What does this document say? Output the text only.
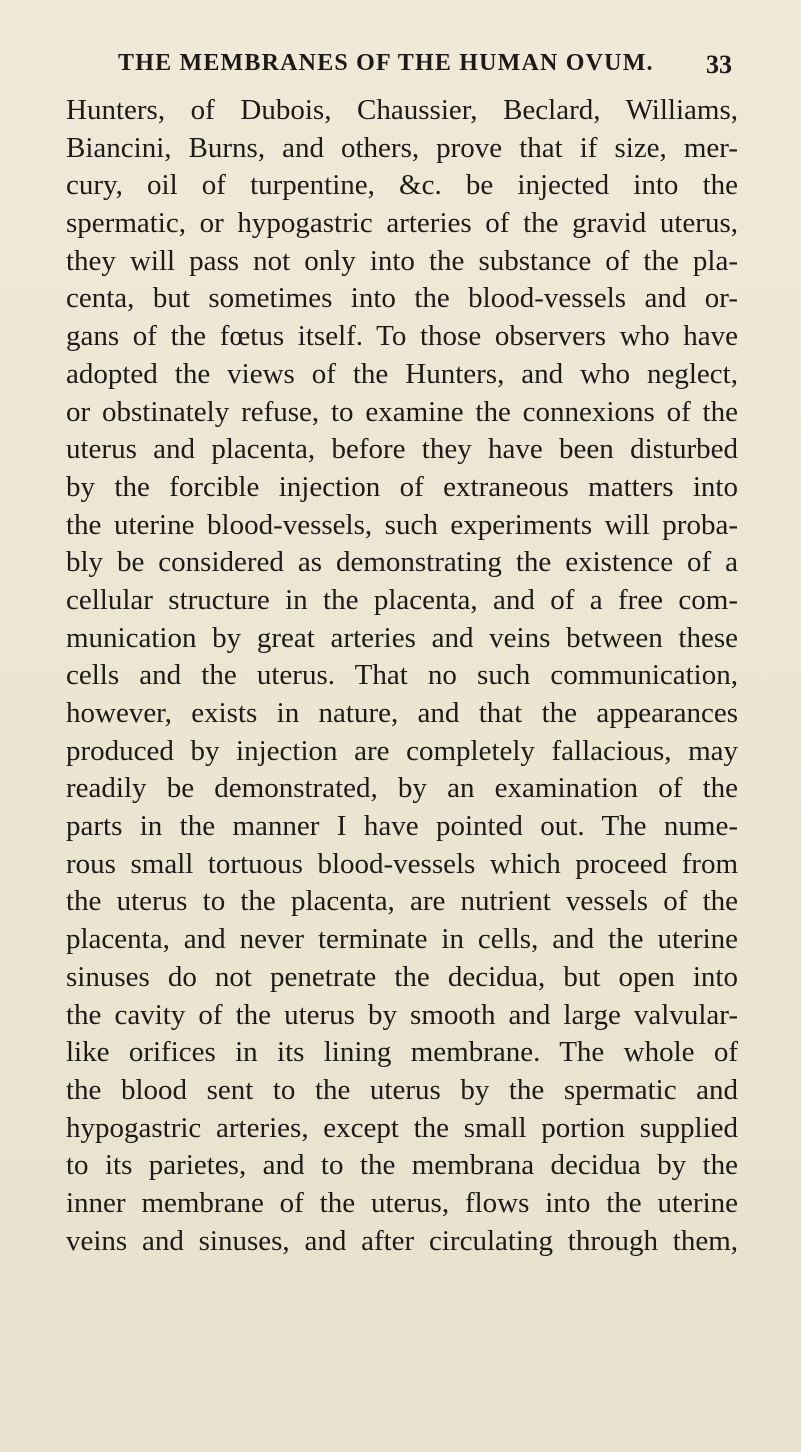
THE MEMBRANES OF THE HUMAN OVUM. 33
Hunters, of Dubois, Chaussier, Beclard, Williams,
Biancini, Burns, and others, prove that if size, mer-
cury, oil of turpentine, &c. be injected into the
spermatic, or hypogastric arteries of the gravid uterus,
they will pass not only into the substance of the pla-
centa, but sometimes into the blood-vessels and or-
gans of the fœtus itself. To those observers who have
adopted the views of the Hunters, and who neglect,
or obstinately refuse, to examine the connexions of the
uterus and placenta, before they have been disturbed
by the forcible injection of extraneous matters into
the uterine blood-vessels, such experiments will proba-
bly be considered as demonstrating the existence of a
cellular structure in the placenta, and of a free com-
munication by great arteries and veins between these
cells and the uterus. That no such communication,
however, exists in nature, and that the appearances
produced by injection are completely fallacious, may
readily be demonstrated, by an examination of the
parts in the manner I have pointed out. The nume-
rous small tortuous blood-vessels which proceed from
the uterus to the placenta, are nutrient vessels of the
placenta, and never terminate in cells, and the uterine
sinuses do not penetrate the decidua, but open into
the cavity of the uterus by smooth and large valvular-
like orifices in its lining membrane. The whole of
the blood sent to the uterus by the spermatic and
hypogastric arteries, except the small portion supplied
to its parietes, and to the membrana decidua by the
inner membrane of the uterus, flows into the uterine
veins and sinuses, and after circulating through them,
